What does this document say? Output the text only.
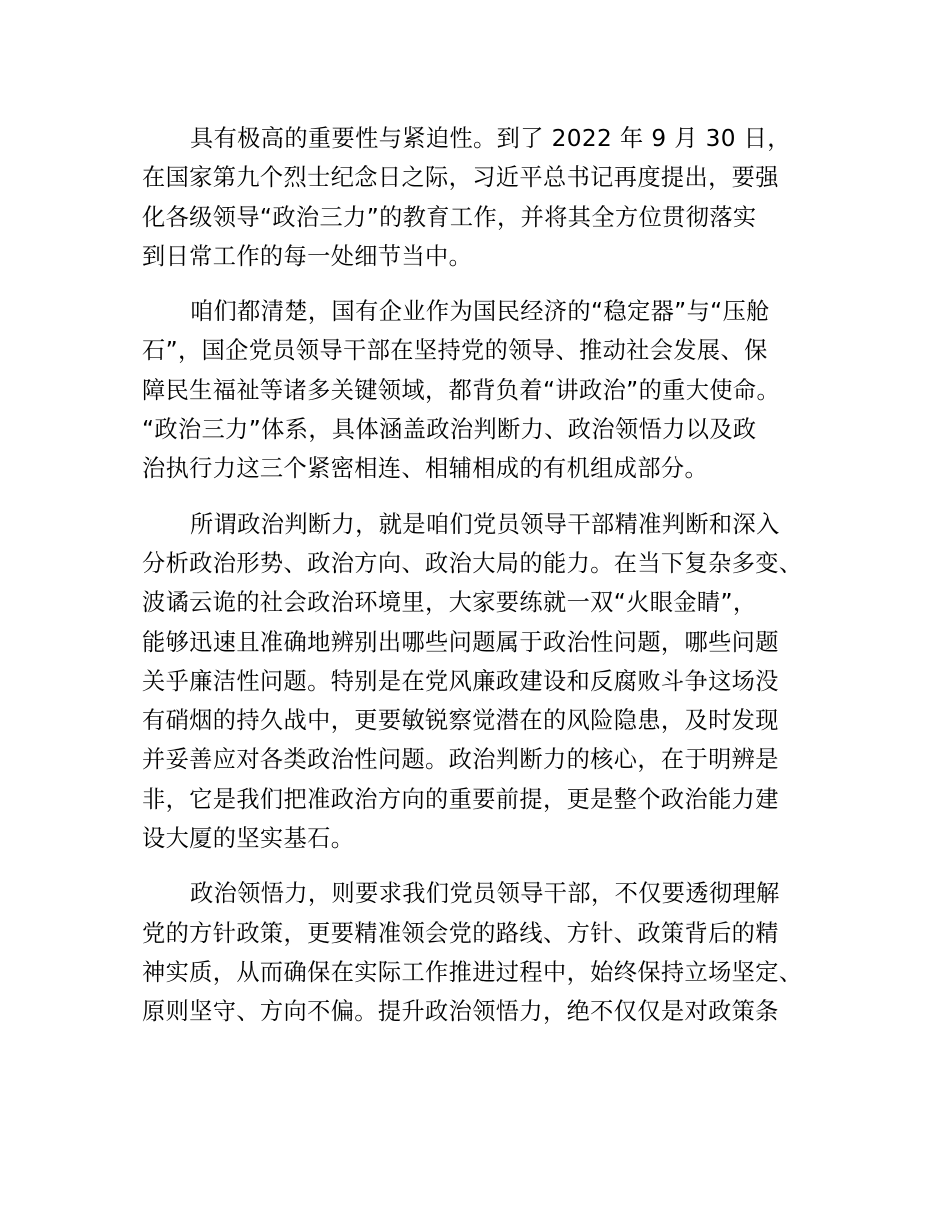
具有极高的重要性与紧迫性。到了 2022 年 9 月 30 日，
在国家第九个烈士纪念日之际，习近平总书记再度提出，要强
化各级领导“政治三力”的教育工作，并将其全方位贯彻落实
到日常工作的每一处细节当中。
咱们都清楚，国有企业作为国民经济的“稳定器”与“压舱
石”，国企党员领导干部在坚持党的领导、推动社会发展、保
障民生福祉等诸多关键领域，都背负着“讲政治”的重大使命。
“政治三力”体系，具体涵盖政治判断力、政治领悟力以及政
治执行力这三个紧密相连、相辅相成的有机组成部分。
所谓政治判断力，就是咱们党员领导干部精准判断和深入
分析政治形势、政治方向、政治大局的能力。在当下复杂多变、
波谲云诡的社会政治环境里，大家要练就一双“火眼金睛”，
能够迅速且准确地辨别出哪些问题属于政治性问题，哪些问题
关乎廉洁性问题。特别是在党风廉政建设和反腐败斗争这场没
有硝烟的持久战中，更要敏锐察觉潜在的风险隐患，及时发现
并妥善应对各类政治性问题。政治判断力的核心，在于明辨是
非，它是我们把准政治方向的重要前提，更是整个政治能力建
设大厦的坚实基石。
政治领悟力，则要求我们党员领导干部，不仅要透彻理解
党的方针政策，更要精准领会党的路线、方针、政策背后的精
神实质，从而确保在实际工作推进过程中，始终保持立场坚定、
原则坚守、方向不偏。提升政治领悟力，绝不仅仅是对政策条
